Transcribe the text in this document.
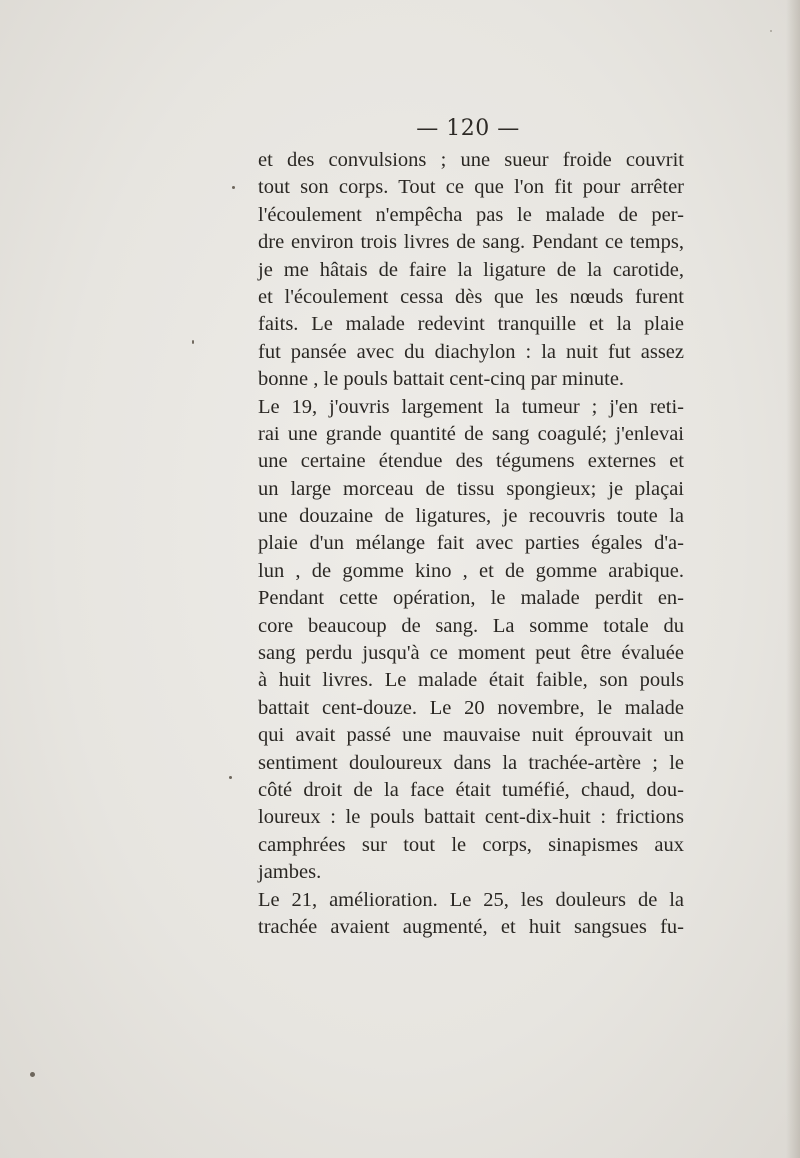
— 120 —
et des convulsions ; une sueur froide couvrit
tout son corps. Tout ce que l'on fit pour arrêter
l'écoulement n'empêcha pas le malade de per-
dre environ trois livres de sang. Pendant ce temps,
je me hâtais de faire la ligature de la carotide,
et l'écoulement cessa dès que les nœuds furent
faits. Le malade redevint tranquille et la plaie
fut pansée avec du diachylon : la nuit fut assez
bonne , le pouls battait cent-cinq par minute.
Le 19, j'ouvris largement la tumeur ; j'en reti-
rai une grande quantité de sang coagulé; j'enlevai
une certaine étendue des tégumens externes et
un large morceau de tissu spongieux; je plaçai
une douzaine de ligatures, je recouvris toute la
plaie d'un mélange fait avec parties égales d'a-
lun , de gomme kino , et de gomme arabique.
Pendant cette opération, le malade perdit en-
core beaucoup de sang. La somme totale du
sang perdu jusqu'à ce moment peut être évaluée
à huit livres. Le malade était faible, son pouls
battait cent-douze. Le 20 novembre, le malade
qui avait passé une mauvaise nuit éprouvait un
sentiment douloureux dans la trachée-artère ; le
côté droit de la face était tuméfié, chaud, dou-
loureux : le pouls battait cent-dix-huit : frictions
camphrées sur tout le corps, sinapismes aux
jambes.
Le 21, amélioration. Le 25, les douleurs de la
trachée avaient augmenté, et huit sangsues fu-
